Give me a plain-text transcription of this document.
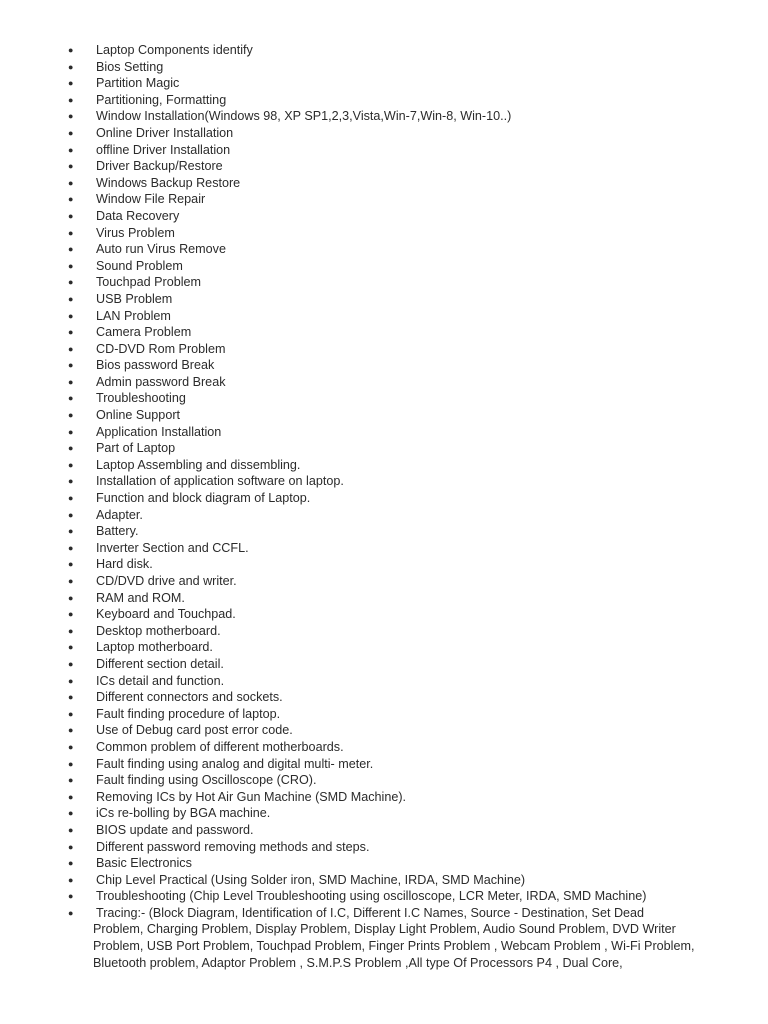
● Laptop Components identify
● Bios Setting
● Partition Magic
● Partitioning, Formatting
● Window Installation(Windows 98, XP SP1,2,3,Vista,Win-7,Win-8, Win-10..)
● Online Driver Installation
● offline Driver Installation
● Driver Backup/Restore
● Windows Backup Restore
● Window File Repair
● Data Recovery
● Virus Problem
● Auto run Virus Remove
● Sound Problem
● Touchpad Problem
● USB Problem
● LAN Problem
● Camera Problem
● CD-DVD Rom Problem
● Bios password Break
● Admin password Break
● Troubleshooting
● Online Support
● Application Installation
● Part of Laptop
● Laptop Assembling and dissembling.
● Installation of application software on laptop.
● Function and block diagram of Laptop.
● Adapter.
● Battery.
● Inverter Section and CCFL.
● Hard disk.
● CD/DVD drive and writer.
● RAM and ROM.
● Keyboard and Touchpad.
● Desktop motherboard.
● Laptop motherboard.
● Different section detail.
● ICs detail and function.
● Different connectors and sockets.
● Fault finding procedure of laptop.
● Use of Debug card post error code.
● Common problem of different motherboards.
● Fault finding using analog and digital multi- meter.
● Fault finding using Oscilloscope (CRO).
● Removing ICs by Hot Air Gun Machine (SMD Machine).
● iCs re-bolling by BGA machine.
● BIOS update and password.
● Different password removing methods and steps.
● Basic Electronics
● Chip Level Practical (Using Solder iron, SMD Machine, IRDA, SMD Machine)
● Troubleshooting (Chip Level Troubleshooting using oscilloscope, LCR Meter, IRDA, SMD Machine)
● Tracing:- (Block Diagram, Identification of I.C, Different I.C Names, Source - Destination, Set Dead
Problem, Charging Problem, Display Problem, Display Light Problem, Audio Sound Problem, DVD Writer Problem, USB Port Problem, Touchpad Problem, Finger Prints Problem , Webcam Problem , Wi-Fi Problem, Bluetooth problem, Adaptor Problem , S.M.P.S Problem ,All type Of Processors P4 , Dual Core,
